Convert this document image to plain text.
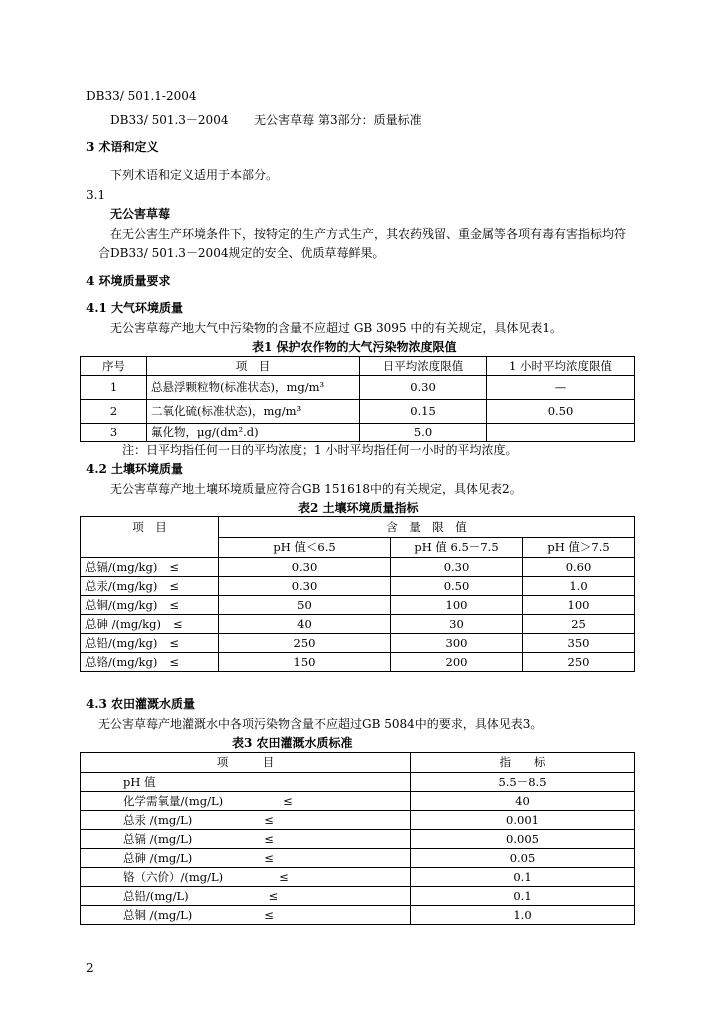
DB33/ 501.1-2004
DB33/ 501.3－2004 无公害草莓 第3部分：质量标准
3 术语和定义
下列术语和定义适用于本部分。
3.1
无公害草莓
在无公害生产环境条件下，按特定的生产方式生产，其农药残留、重金属等各项有毒有害指标均符
合DB33/ 501.3－2004规定的安全、优质草莓鲜果。
4 环境质量要求
4.1 大气环境质量
无公害草莓产地大气中污染物的含量不应超过 GB 3095 中的有关规定，具体见表1。
表1 保护农作物的大气污染物浓度限值
序号	项　目	日平均浓度限值	1 小时平均浓度限值
1	总悬浮颗粒物(标准状态)，mg/m³	0.30	—
2	二氧化硫(标准状态)，mg/m³	0.15	0.50
3	氟化物，μg/(dm².d)	5.0	
注：日平均指任何一日的平均浓度；1 小时平均指任何一小时的平均浓度。
4.2 土壤环境质量
无公害草莓产地土壤环境质量应符合GB 151618中的有关规定，具体见表2。
表2 土壤环境质量指标
项　目	含　量　限　值		
	pH 值＜6.5	pH 值 6.5－7.5	pH 值＞7.5
总镉/(mg/kg) ≤	0.30	0.30	0.60
总汞/(mg/kg) ≤	0.30	0.50	1.0
总铜/(mg/kg) ≤	50	100	100
总砷 /(mg/kg) ≤	40	30	25
总铅/(mg/kg) ≤	250	300	350
总铬/(mg/kg) ≤	150	200	250
4.3 农田灌溉水质量
无公害草莓产地灌溉水中各项污染物含量不应超过GB 5084中的要求，具体见表3。
表3 农田灌溉水质标准
项　　　目	指　　标
pH 值	5.5－8.5
化学需氧量/(mg/L) ≤	40
总汞 /(mg/L) ≤	0.001
总镉 /(mg/L) ≤	0.005
总砷 /(mg/L) ≤	0.05
铬（六价）/(mg/L) ≤	0.1
总铅/(mg/L) ≤	0.1
总铜 /(mg/L) ≤	1.0
2
